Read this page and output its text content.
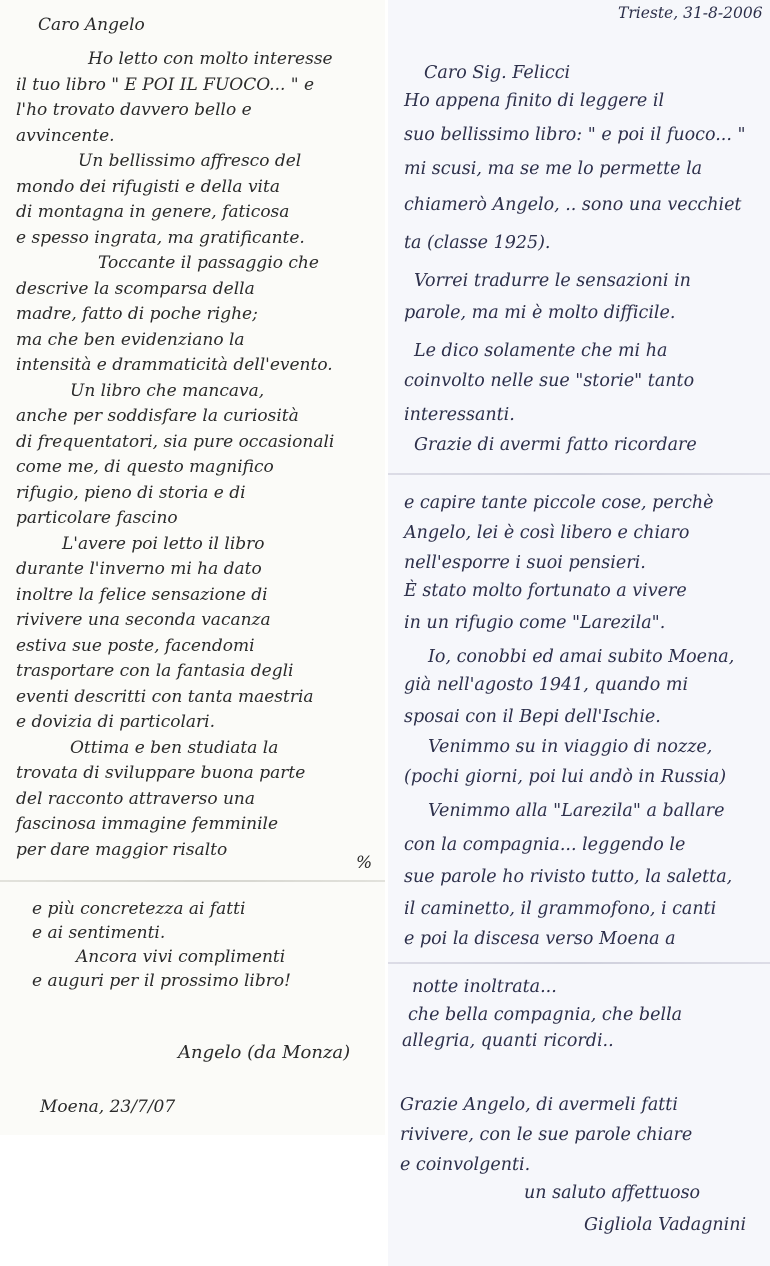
Caro Angelo
Ho letto con molto interesse
il tuo libro " E POI IL FUOCO... " e
l'ho trovato davvero bello e
avvincente.
Un bellissimo affresco del
mondo dei rifugisti e della vita
di montagna in genere, faticosa
e spesso ingrata, ma gratificante.
Toccante il passaggio che
descrive la scomparsa della
madre, fatto di poche righe;
ma che ben evidenziano la
intensità e drammaticità dell'evento.
Un libro che mancava,
anche per soddisfare la curiosità
di frequentatori, sia pure occasionali
come me, di questo magnifico
rifugio, pieno di storia e di
particolare fascino
L'avere poi letto il libro
durante l'inverno mi ha dato
inoltre la felice sensazione di
rivivere una seconda vacanza
estiva sue poste, facendomi
trasportare con la fantasia degli
eventi descritti con tanta maestria
e dovizia di particolari.
Ottima e ben studiata la
trovata di sviluppare buona parte
del racconto attraverso una
fascinosa immagine femminile
per dare maggior risalto
%
e più concretezza ai fatti
e ai sentimenti.
Ancora vivi complimenti
e auguri per il prossimo libro!
Angelo (da Monza)
Moena, 23/7/07
Trieste, 31-8-2006
Caro Sig. Felicci
Ho appena finito di leggere il
suo bellissimo libro: " e poi il fuoco... "
mi scusi, ma se me lo permette la
chiamerò Angelo, .. sono una vecchiet
ta (classe 1925).
Vorrei tradurre le sensazioni in
parole, ma mi è molto difficile.
Le dico solamente che mi ha
coinvolto nelle sue "storie" tanto
interessanti.
Grazie di avermi fatto ricordare
e capire tante piccole cose, perchè
Angelo, lei è così libero e chiaro
nell'esporre i suoi pensieri.
È stato molto fortunato a vivere
in un rifugio come "Larezila".
Io, conobbi ed amai subito Moena,
già nell'agosto 1941, quando mi
sposai con il Bepi dell'Ischie.
Venimmo su in viaggio di nozze,
(pochi giorni, poi lui andò in Russia)
Venimmo alla "Larezila" a ballare
con la compagnia... leggendo le
sue parole ho rivisto tutto, la saletta,
il caminetto, il grammofono, i canti
e poi la discesa verso Moena a
notte inoltrata...
che bella compagnia, che bella
allegria, quanti ricordi..
Grazie Angelo, di avermeli fatti
rivivere, con le sue parole chiare
e coinvolgenti.
un saluto affettuoso
Gigliola Vadagnini
